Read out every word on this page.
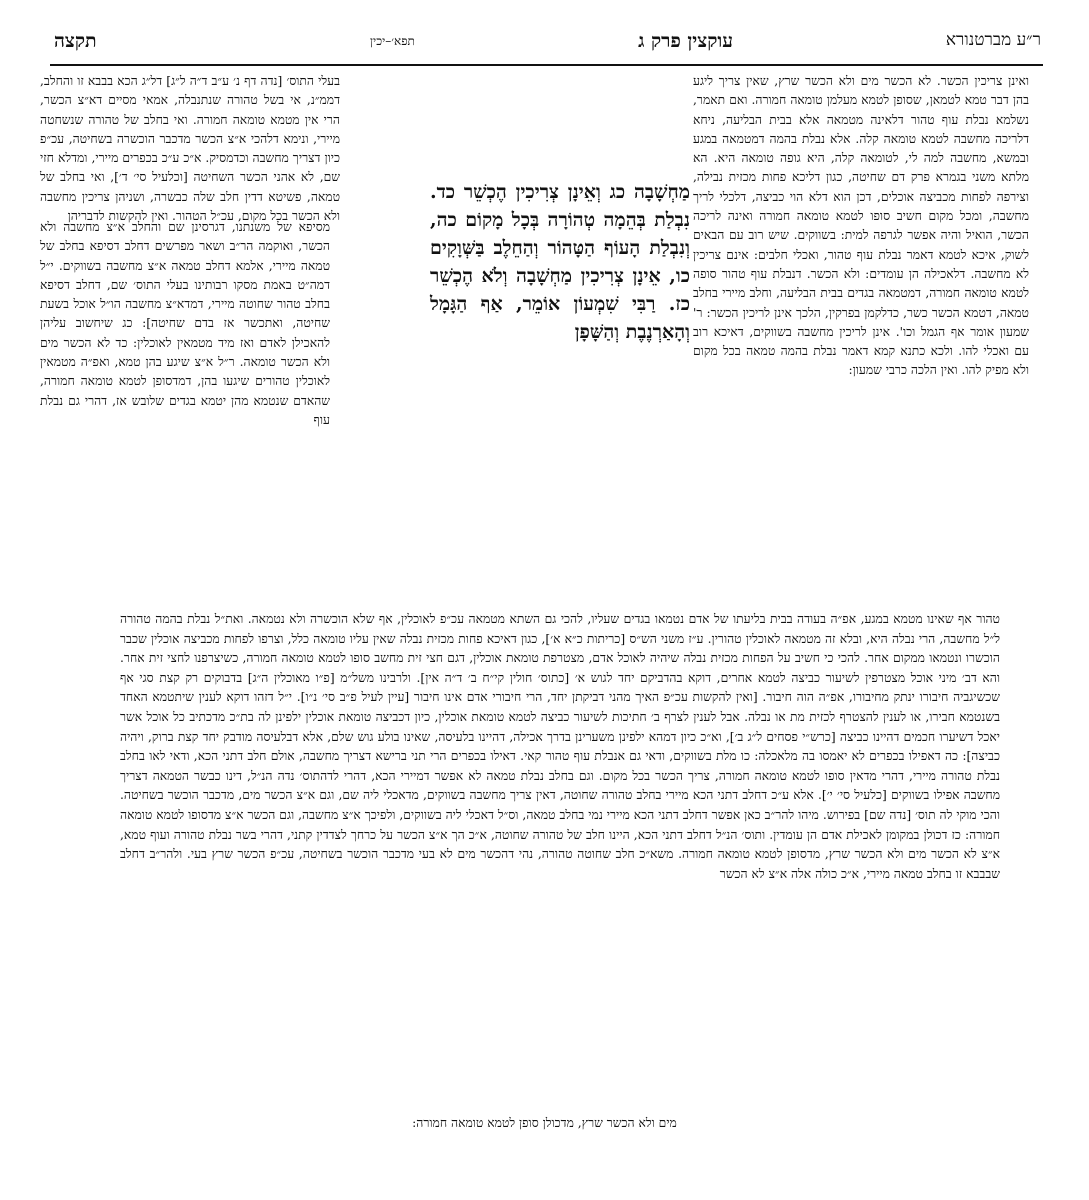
ר״ע מברטנורא
עוקצין פרק ג
תפא׳–יכין
תקצה

ואינן צריכין הכשר. לא הכשר מים ולא הכשר שרץ, שאין צריך ליגע בהן דבר טמא לטמאן, שסופן לטמא מעלמן טומאה חמורה. ואם תאמר, נשלמא נבלת עוף טהור דלאינה מטמאה אלא בבית הבליעה, ניחא דלריכה מחשבה לטמא טומאה קלה. אלא נבלת בהמה דמטמאה במגע ובמשא, מחשבה למה לי, לטומאה קלה, היא גופה טומאה היא. הא מלתא משני בגמרא פרק דם שחיטה, כגון דליכא פחות מכזית נבילה, וצירפה לפחות מכביצה אוכלים, דכן הוא דלא הוי כביצה, דלכלי לריך מחשבה, ומכל מקום חשיב סופו לטמא טומאה חמורה ואינה לריכה הכשר, הואיל והיה אפשר לגרפה למית: בשווקים. שיש רוב עם הבאים לשוק, איכא לטמא דאמר נבלת עוף טהור, ואכלי חלבים: אינם צריכין לא מחשבה. דלאכילה הן עומדים: ולא הכשר. דנבלת עוף טהור סופה לטמא טומאה חמורה, דמטמאה בגדים בבית הבליעה, וחלב מיירי בחלב טמאה, דטמא הכשר כשר, כדלקמן בפרקין, הלכך אינן לריכין הכשר: ר' שמעון אומר אף הגמל וכו'. אינן לריכין מחשבה בשווקים, דאיכא רוב עם ואכלי להו. ולכא כתנא קמא דאמר נבלת בהמה טמאה בכל מקום ולא מפיק להו. ואין הלכה כרבי שמעון:

בעלי התוס׳ [נדה דף נ׳ ע״ב ד״ה ל״ג] דל״ג הכא בבבא זו והחלב, דממ״נ, אי בשל טהורה שנתנבלה, אמאי מסיים דא״צ הכשר, הרי אין מטמא טומאה חמורה. ואי בחלב של טהורה שנשחטה מיירי, ונימא דלהכי א״צ הכשר מדכבר הוכשרה בשחיטה, עכ״פ כיון דצריך מחשבה וכדמסיק. א״כ ע״כ בכפרים מיירי, ומדלא חזי שם, לא אהני הכשר השחיטה [וכלעיל סי׳ ד׳], ואי בחלב של טמאה, פשיטא דדין חלב שלה כבשרה, ושניהן צריכין מחשבה ולא הכשר בכל מקום, עכ״ל הטהור. ואין להקשות לדבריהן

מַחְשָׁבָה כג וְאֵינָן צְרִיכִין הֶכְשֵׁר כד. נִבְלַת בְּהֵמָה טְהוֹרָה בְּכָל מָקוֹם כה, וְנִבְלַת הָעוֹף הַטָּהוֹר וְהַחֵלֶב בַּשְּׁוָקִים כו, אֵינָן צְרִיכִין מַחְשָׁבָה וְלֹא הֶכְשֵׁר כז. רַבִּי שִׁמְעוֹן אוֹמֵר, אַף הַגָּמָל וְהָאַרְנֶבֶת וְהַשָּׁפָן

מסיפא של משנתנו, דגרסינן שם והחלב א״צ מחשבה ולא הכשר, ואוקמה הר״ב ושאר מפרשים דחלב דסיפא בחלב של טמאה מיירי, אלמא דחלב טמאה א״צ מחשבה בשווקים. י״ל דמה״ט באמת מסקו רבותינו בעלי התוס׳ שם, דחלב דסיפא בחלב טהור שחוטה מיירי, דמדא״צ מחשבה הו״ל אוכל בשעת שחיטה, ואתכשר אז בדם שחיטה]: כג שיחשוב עליהן להאכילן לאדם ואז מיד מטמאין לאוכלין: כד לא הכשר מים ולא הכשר טומאה. ר״ל א״צ שיגע בהן טמא, ואפ״ה מטמאין לאוכלין טהורים שיגעו בהן, דמדסופן לטמא טומאה חמורה, שהאדם שנטמא מהן יטמא בגדים שלובש אז, דהרי גם נבלת עוף

טהור אף שאינו מטמא במגע, אפ״ה בעודה בבית בליעתו של אדם נטמאו בגדים שעליו, להכי גם השתא מטמאה עכ״פ לאוכלין, אף שלא הוכשרה ולא נטמאה. ואת״ל נבלת בהמה טהורה ל״ל מחשבה, הרי נבלה היא, ובלא זה מטמאה לאוכלין טהורין. ע״ז משני הש״ס [כריתות כ״א א׳], כגון דאיכא פחות מכזית נבלה שאין עליו טומאה כלל, וצרפו לפחות מכביצה אוכלין שכבר הוכשרו ונטמאו ממקום אחר. להכי כי חשיב על הפחות מכזית נבלה שיהיה לאוכל אדם, מצטרפת טומאת אוכלין, דגם חצי זית מחשב סופו לטמא טומאה חמורה, כשיצרפנו לחצי זית אחר. והא דב׳ מיני אוכל מצטרפין לשיעור כביצה לטמא אחרים, דוקא בהדביקם יחד לגוש א׳ [כתוס׳ חולין קי״ח ב׳ ד״ה אין]. ולרבינו משל״מ [פ״ו מאוכלין ה״ג] בדבוקים רק קצת סגי אף שכשיגביה חיבורו ינתק מחיבורו, אפ״ה הוה חיבור. [ואין להקשות עכ״פ האיך מהני דביקתן יחד, הרי חיבורי אדם אינו חיבור [עיין לעיל פ״ב סי׳ נ״ו]. י״ל דזהו דוקא לענין שיתטמא האחד בשנטמא חבירו, או לענין להצטרף לכזית מת או נבלה. אבל לענין לצרף ב׳ חתיכות לשיעור כביצה לטמא טומאת אוכלין, כיון דכביצה טומאת אוכלין ילפינן לה בת״כ מדכתיב כל אוכל אשר יאכל דשיערו חכמים דהיינו כביצה [כרש״י פסחים ל״ג ב׳], וא״כ כיון דמהא ילפינן משערינן בדרך אכילה, דהיינו בלעיסה, שאינו בולע גוש שלם, אלא דבלעיסה מודבק יחד קצת ברוק, ויהיה כביצה]: כה דאפילו בכפרים לא יאמסו בה מלאכלה: כו מלת בשווקים, ודאי גם אנבלת עוף טהור קאי. דאילו בכפרים הרי תני ברישא דצריך מחשבה, אולם חלב דתני הכא, ודאי לאו בחלב נבלת טהורה מיירי, דהרי מדאין סופו לטמא טומאה חמורה, צריך הכשר בכל מקום. וגם בחלב נבלת טמאה לא אפשר דמיירי הכא, דהרי לדהתוס׳ נדה הנ״ל, דינו כבשר הטמאה דצריך מחשבה אפילו בשווקים [כלעיל סי׳ י׳]. אלא ע״כ דחלב דתני הכא מיירי בחלב טהורה שחוטה, דאין צריך מחשבה בשווקים, מדאכלי ליה שם, וגם א״צ הכשר מים, מדכבר הוכשר בשחיטה. והכי מוקי לה תוס׳ [נדה שם] בפירוש. מיהו להר״ב כאן אפשר דחלב דתני הכא מיירי נמי בחלב טמאה, וס״ל דאכלי ליה בשווקים, ולפיכך א״צ מחשבה, וגם הכשר א״צ מדסופו לטמא טומאה חמורה: כז דכולן במקומן לאכילת אדם הן עומדין. ותוס׳ הנ״ל דחלב דתני הכא, היינו חלב של טהורה שחוטה, א״כ הך א״צ הכשר על כרחך לצדדין קתני, דהרי בשר נבלת טהורה ועוף טמא, א״צ לא הכשר מים ולא הכשר שרץ, מדסופן לטמא טומאה חמורה. משא״כ חלב שחוטה טהורה, נהי דהכשר מים לא בעי מדכבר הוכשר בשחיטה, עכ״פ הכשר שרץ בעי. ולהר״ב דחלב שבבבא זו בחלב טמאה מיירי, א״כ כולה אלה א״צ לא הכשר

מים ולא הכשר שרץ, מדכולן סופן לטמא טומאה חמורה:
